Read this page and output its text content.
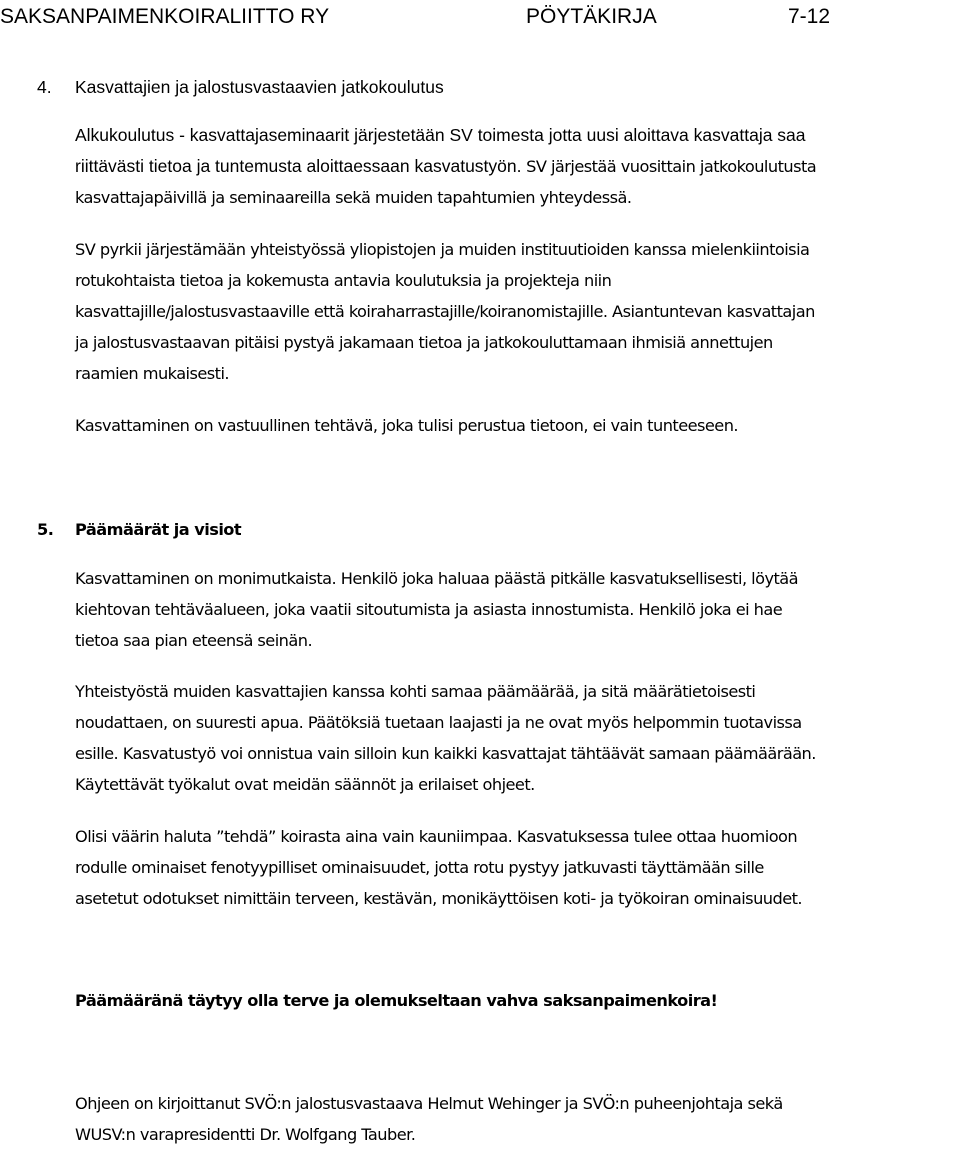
SAKSANPAIMENKOIRALIITTO RY	PÖYTÄKIRJA	7-12
4. Kasvattajien ja jalostusvastaavien jatkokoulutus
Alkukoulutus - kasvattajaseminaarit järjestetään SV toimesta jotta uusi aloittava kasvattaja saa
riittävästi tietoa ja tuntemusta aloittaessaan kasvatustyön. SV järjestää vuosittain jatkokoulutusta
kasvattajapäivillä ja seminaareilla sekä muiden tapahtumien yhteydessä.
SV pyrkii järjestämään yhteistyössä yliopistojen ja muiden instituutioiden kanssa mielenkiintoisia
rotukohtaista tietoa ja kokemusta antavia koulutuksia ja projekteja niin
kasvattajille/jalostusvastaaville että koiraharrastajille/koiranomistajille. Asiantuntevan kasvattajan
ja jalostusvastaavan pitäisi pystyä jakamaan tietoa ja jatkokouluttamaan ihmisiä annettujen
raamien mukaisesti.
Kasvattaminen on vastuullinen tehtävä, joka tulisi perustua tietoon, ei vain tunteeseen.
5. Päämäärät ja visiot
Kasvattaminen on monimutkaista. Henkilö joka haluaa päästä pitkälle kasvatuksellisesti, löytää
kiehtovan tehtäväalueen, joka vaatii sitoutumista ja asiasta innostumista. Henkilö joka ei hae
tietoa saa pian eteensä seinän.
Yhteistyöstä muiden kasvattajien kanssa kohti samaa päämäärää, ja sitä määrätietoisesti
noudattaen, on suuresti apua. Päätöksiä tuetaan laajasti ja ne ovat myös helpommin tuotavissa
esille. Kasvatustyö voi onnistua vain silloin kun kaikki kasvattajat tähtäävät samaan päämäärään.
Käytettävät työkalut ovat meidän säännöt ja erilaiset ohjeet.
Olisi väärin haluta ”tehdä” koirasta aina vain kauniimpaa. Kasvatuksessa tulee ottaa huomioon
rodulle ominaiset fenotyypilliset ominaisuudet, jotta rotu pystyy jatkuvasti täyttämään sille
asetetut odotukset nimittäin terveen, kestävän, monikäyttöisen koti- ja työkoiran ominaisuudet.
Päämääränä täytyy olla terve ja olemukseltaan vahva saksanpaimenkoira!
Ohjeen on kirjoittanut SVÖ:n jalostusvastaava Helmut Wehinger ja SVÖ:n puheenjohtaja sekä
WUSV:n varapresidentti Dr. Wolfgang Tauber.
